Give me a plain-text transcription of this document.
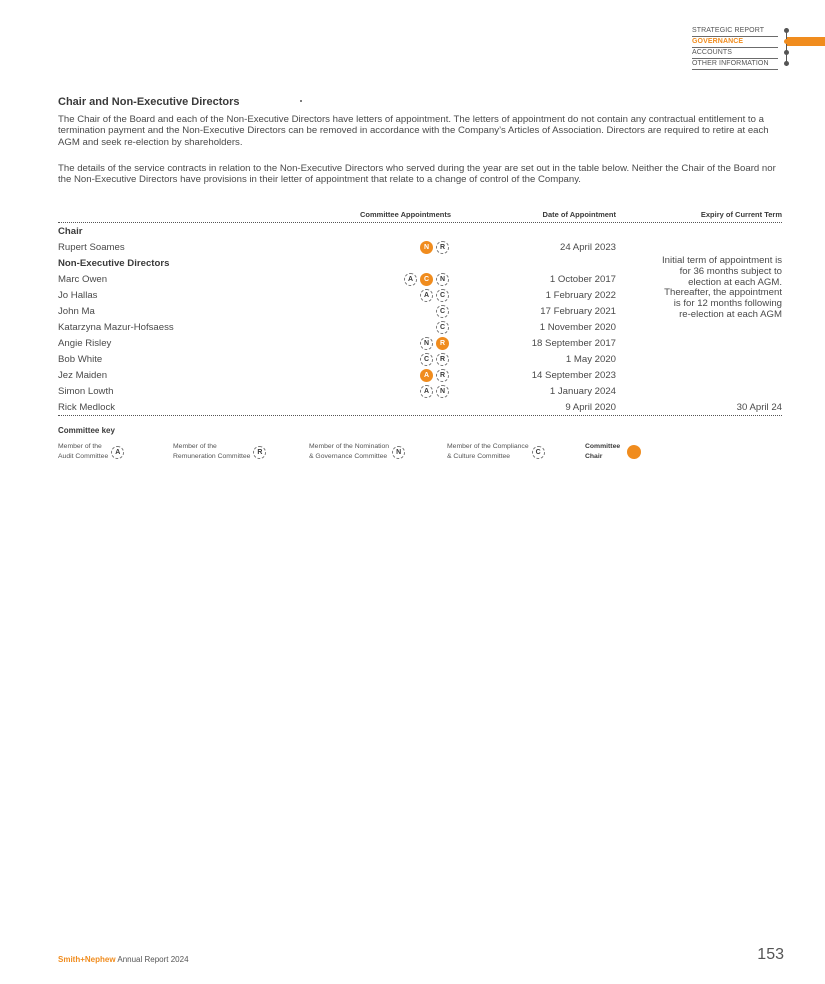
STRATEGIC REPORT
GOVERNANCE
ACCOUNTS
OTHER INFORMATION
Chair and Non-Executive Directors

The Chair of the Board and each of the Non-Executive Directors have letters of appointment. The letters of appointment do not contain any contractual entitlement to a termination payment and the Non-Executive Directors can be removed in accordance with the Company’s Articles of Association. Directors are required to retire at each AGM and seek re-election by shareholders.

The details of the service contracts in relation to the Non-Executive Directors who served during the year are set out in the table below. Neither the Chair of the Board nor the Non-Executive Directors have provisions in their letter of appointment that relate to a change of control of the Company.

Committee Appointments	Date of Appointment	Expiry of Current Term
Chair
Rupert Soames	N	R	24 April 2023
Non-Executive Directors
Marc Owen	A	C	N	1 October 2017
Jo Hallas	A	C	1 February 2022
John Ma	C	17 February 2021
Katarzyna Mazur-Hofsaess	C	1 November 2020
Angie Risley	N	R	18 September 2017
Bob White	C	R	1 May 2020
Jez Maiden	A	R	14 September 2023
Simon Lowth	A	N	1 January 2024
Rick Medlock	9 April 2020	30 April 24
Initial term of appointment is for 36 months subject to election at each AGM. Thereafter, the appointment is for 12 months following re-election at each AGM
Committee key
Member of the
Audit Committee
A
Member of the
Remuneration Committee
R
Member of the Nomination
& Governance Committee
N
Member of the Compliance
& Culture Committee
C
Committee
Chair
Smith+Nephew Annual Report 2024	153
